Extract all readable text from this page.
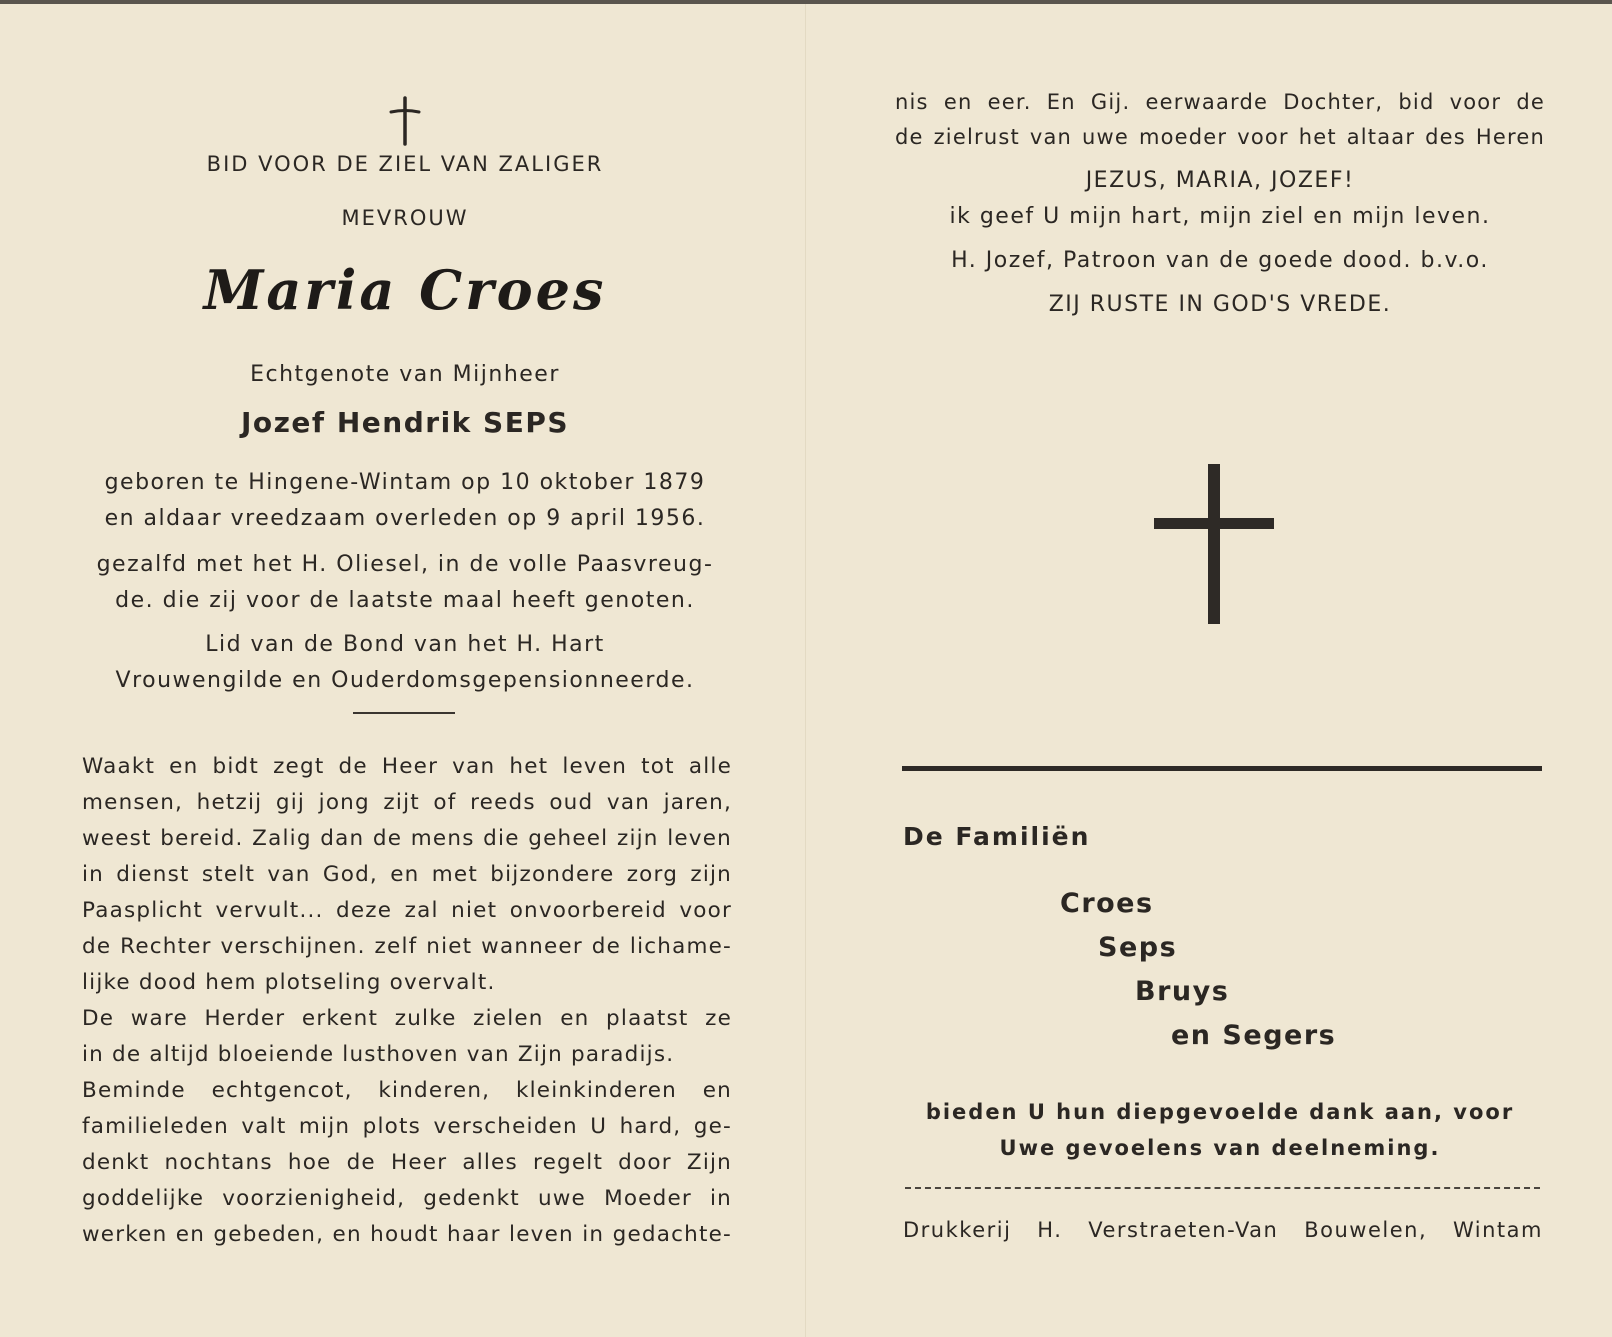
BID VOOR DE ZIEL VAN ZALIGER
MEVROUW
Maria Croes
Echtgenote van Mijnheer
Jozef Hendrik SEPS
geboren te Hingene-Wintam op 10 oktober 1879
en aldaar vreedzaam overleden op 9 april 1956.
gezalfd met het H. Oliesel, in de volle Paasvreug-
de. die zij voor de laatste maal heeft genoten.
Lid van de Bond van het H. Hart
Vrouwengilde en Ouderdomsgepensionneerde.
Waakt en bidt zegt de Heer van het leven tot alle
mensen, hetzij gij jong zijt of reeds oud van jaren,
weest bereid. Zalig dan de mens die geheel zijn leven
in dienst stelt van God, en met bijzondere zorg zijn
Paasplicht vervult... deze zal niet onvoorbereid voor
de Rechter verschijnen. zelf niet wanneer de lichame-
lijke dood hem plotseling overvalt.
De ware Herder erkent zulke zielen en plaatst ze
in de altijd bloeiende lusthoven van Zijn paradijs.
Beminde echtgencot, kinderen, kleinkinderen en
familieleden valt mijn plots verscheiden U hard, ge-
denkt nochtans hoe de Heer alles regelt door Zijn
goddelijke voorzienigheid, gedenkt uwe Moeder in
werken en gebeden, en houdt haar leven in gedachte-
nis en eer. En Gij. eerwaarde Dochter, bid voor de
de zielrust van uwe moeder voor het altaar des Heren
JEZUS, MARIA, JOZEF!
ik geef U mijn hart, mijn ziel en mijn leven.
H. Jozef, Patroon van de goede dood. b.v.o.
ZIJ RUSTE IN GOD'S VREDE.
De Familiën
Croes
Seps
Bruys
en Segers
bieden U hun diepgevoelde dank aan, voor
Uwe gevoelens van deelneming.
Drukkerij H. Verstraeten-Van Bouwelen, Wintam
